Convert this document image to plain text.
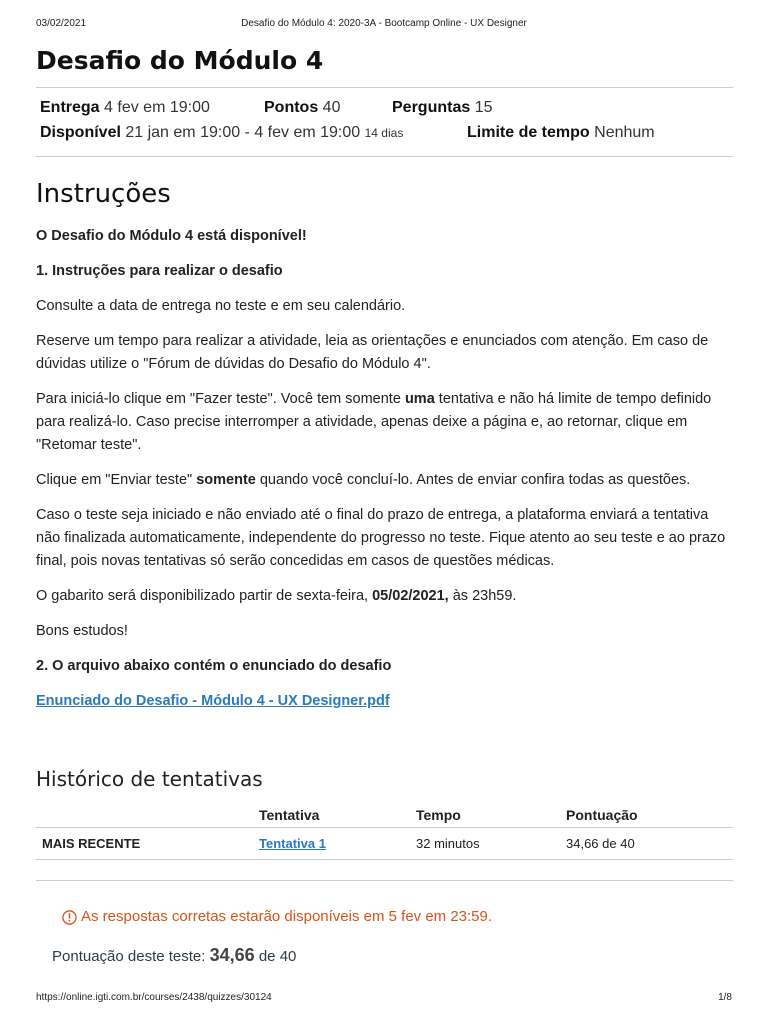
03/02/2021	Desafio do Módulo 4: 2020-3A - Bootcamp Online - UX Designer
Desafio do Módulo 4
Entrega 4 fev em 19:00	Pontos 40	Perguntas 15
Disponível 21 jan em 19:00 - 4 fev em 19:00 14 dias	Limite de tempo Nenhum
Instruções

O Desafio do Módulo 4 está disponível!

1. Instruções para realizar o desafio

Consulte a data de entrega no teste e em seu calendário.

Reserve um tempo para realizar a atividade, leia as orientações e enunciados com atenção. Em caso de dúvidas utilize o "Fórum de dúvidas do Desafio do Módulo 4".

Para iniciá-lo clique em "Fazer teste". Você tem somente uma tentativa e não há limite de tempo definido para realizá-lo. Caso precise interromper a atividade, apenas deixe a página e, ao retornar, clique em "Retomar teste".

Clique em "Enviar teste" somente quando você concluí-lo. Antes de enviar confira todas as questões.

Caso o teste seja iniciado e não enviado até o final do prazo de entrega, a plataforma enviará a tentativa não finalizada automaticamente, independente do progresso no teste. Fique atento ao seu teste e ao prazo final, pois novas tentativas só serão concedidas em casos de questões médicas.

O gabarito será disponibilizado partir de sexta-feira, 05/02/2021, às 23h59.

Bons estudos!

2. O arquivo abaixo contém o enunciado do desafio

Enunciado do Desafio - Módulo 4 - UX Designer.pdf

Histórico de tentativas
	Tentativa	Tempo	Pontuação
MAIS RECENTE	Tentativa 1	32 minutos	34,66 de 40
As respostas corretas estarão disponíveis em 5 fev em 23:59.
Pontuação deste teste: 34,66 de 40
https://online.igti.com.br/courses/2438/quizzes/30124	1/8
